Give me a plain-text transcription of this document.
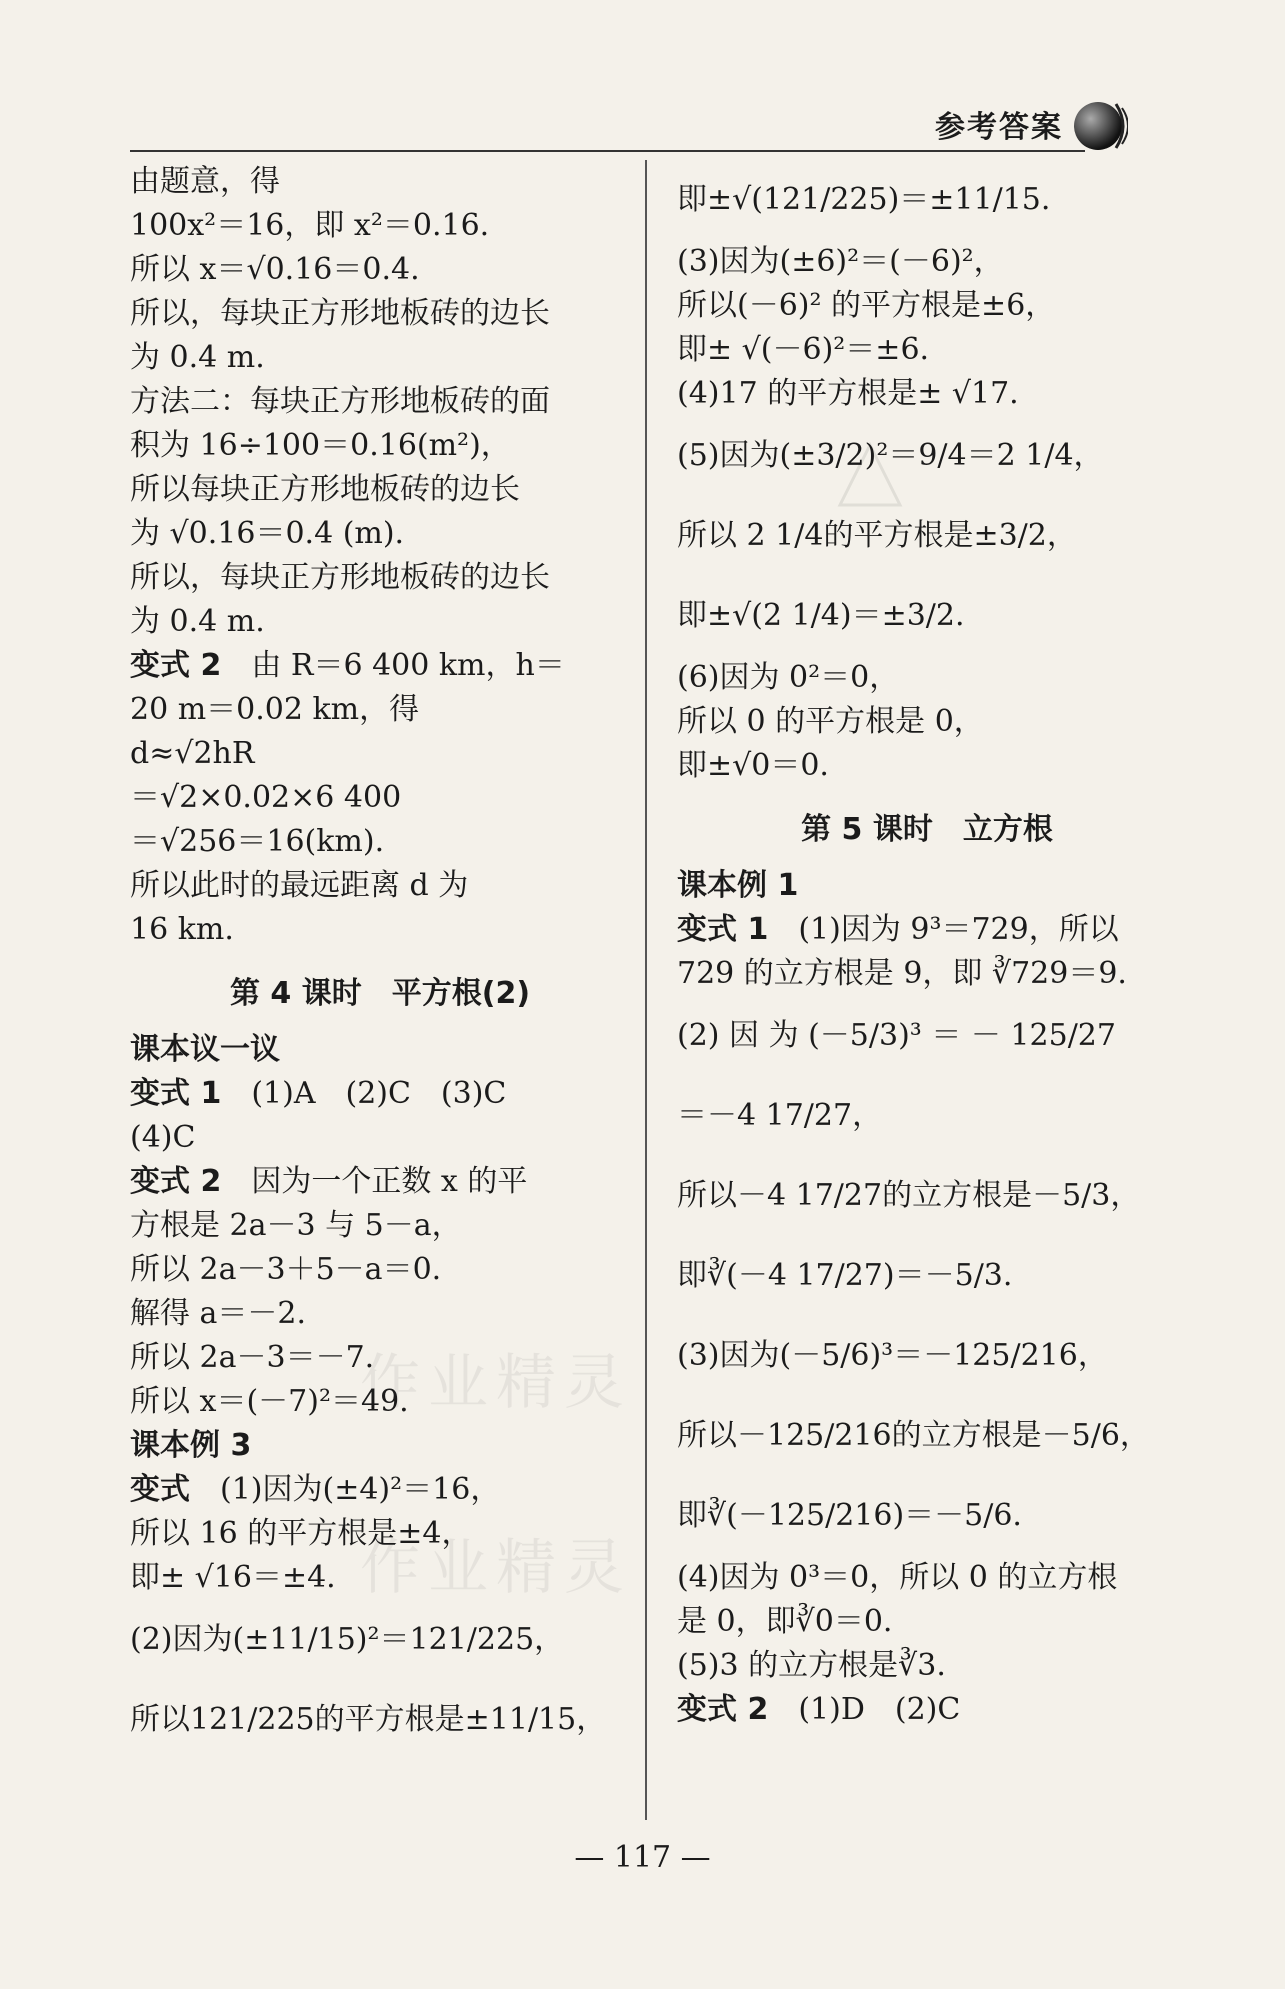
作业精灵
作业精灵
参考答案

由题意，得

100x²＝16，即 x²＝0.16.

所以 x＝√0.16＝0.4.

所以，每块正方形地板砖的边长

为 0.4 m.

方法二：每块正方形地板砖的面

积为 16÷100＝0.16(m²)，

所以每块正方形地板砖的边长

为 √0.16＝0.4 (m).

所以，每块正方形地板砖的边长

为 0.4 m.

变式 2　 由 R＝6 400 km，h＝

20 m＝0.02 km，得

d≈√2hR

＝√2×0.02×6 400

＝√256＝16(km).

所以此时的最远距离 d 为

16 km.

第 4 课时　平方根(2)

课本议一议

变式 1　 (1)A　(2)C　(3)C

(4)C

变式 2　 因为一个正数 x 的平

方根是 2a－3 与 5－a，

所以 2a－3＋5－a＝0.

解得 a＝－2.

所以 2a－3＝－7.

所以 x＝(－7)²＝49.

课本例 3

变式　 (1)因为(±4)²＝16，

所以 16 的平方根是±4，

即± √16＝±4.

(2)因为(±11/15)²＝121/225，

所以121/225的平方根是±11/15，

即±√(121/225)＝±11/15.

(3)因为(±6)²＝(－6)²，

所以(－6)² 的平方根是±6，

即± √(－6)²＝±6.

(4)17 的平方根是± √17.

(5)因为(±3/2)²＝9/4＝2 1/4，

所以 2 1/4的平方根是±3/2，

即±√(2 1/4)＝±3/2.

(6)因为 0²＝0，

所以 0 的平方根是 0，

即±√0＝0.

第 5 课时　立方根

课本例 1

变式 1　 (1)因为 9³＝729，所以

729 的立方根是 9，即 ∛729＝9.

(2) 因 为 (－5/3)³ ＝ － 125/27

＝－4 17/27，

所以－4 17/27的立方根是－5/3，

即∛(－4 17/27)＝－5/3.

(3)因为(－5/6)³＝－125/216，

所以－125/216的立方根是－5/6，

即∛(－125/216)＝－5/6.

(4)因为 0³＝0，所以 0 的立方根

是 0，即∛0＝0.

(5)3 的立方根是∛3.

变式 2　 (1)D　(2)C

— 117 —
